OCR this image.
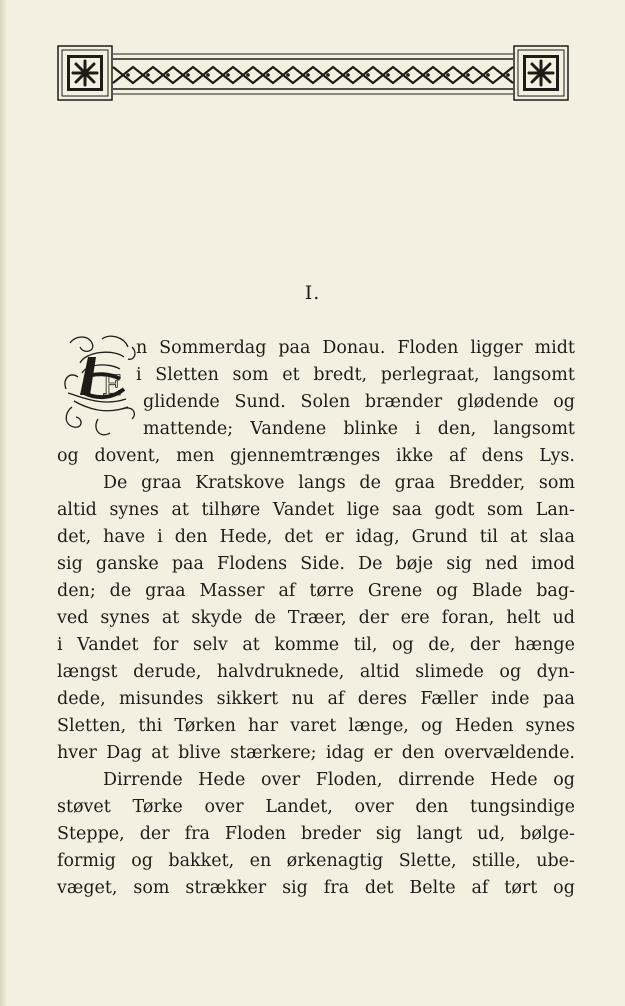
I.
E
n Sommerdag paa Donau. Floden ligger midt
i Sletten som et bredt, perlegraat, langsomt
glidende Sund. Solen brænder glødende og
mattende; Vandene blinke i den, langsomt
og dovent, men gjennemtrænges ikke af dens Lys.
De graa Kratskove langs de graa Bredder, som
altid synes at tilhøre Vandet lige saa godt som Lan-
det, have i den Hede, det er idag, Grund til at slaa
sig ganske paa Flodens Side. De bøje sig ned imod
den; de graa Masser af tørre Grene og Blade bag-
ved synes at skyde de Træer, der ere foran, helt ud
i Vandet for selv at komme til, og de, der hænge
længst derude, halvdruknede, altid slimede og dyn-
dede, misundes sikkert nu af deres Fæller inde paa
Sletten, thi Tørken har varet længe, og Heden synes
hver Dag at blive stærkere; idag er den overvældende.
Dirrende Hede over Floden, dirrende Hede og
støvet Tørke over Landet, over den tungsindige
Steppe, der fra Floden breder sig langt ud, bølge-
formig og bakket, en ørkenagtig Slette, stille, ube-
væget, som strækker sig fra det Belte af tørt og
